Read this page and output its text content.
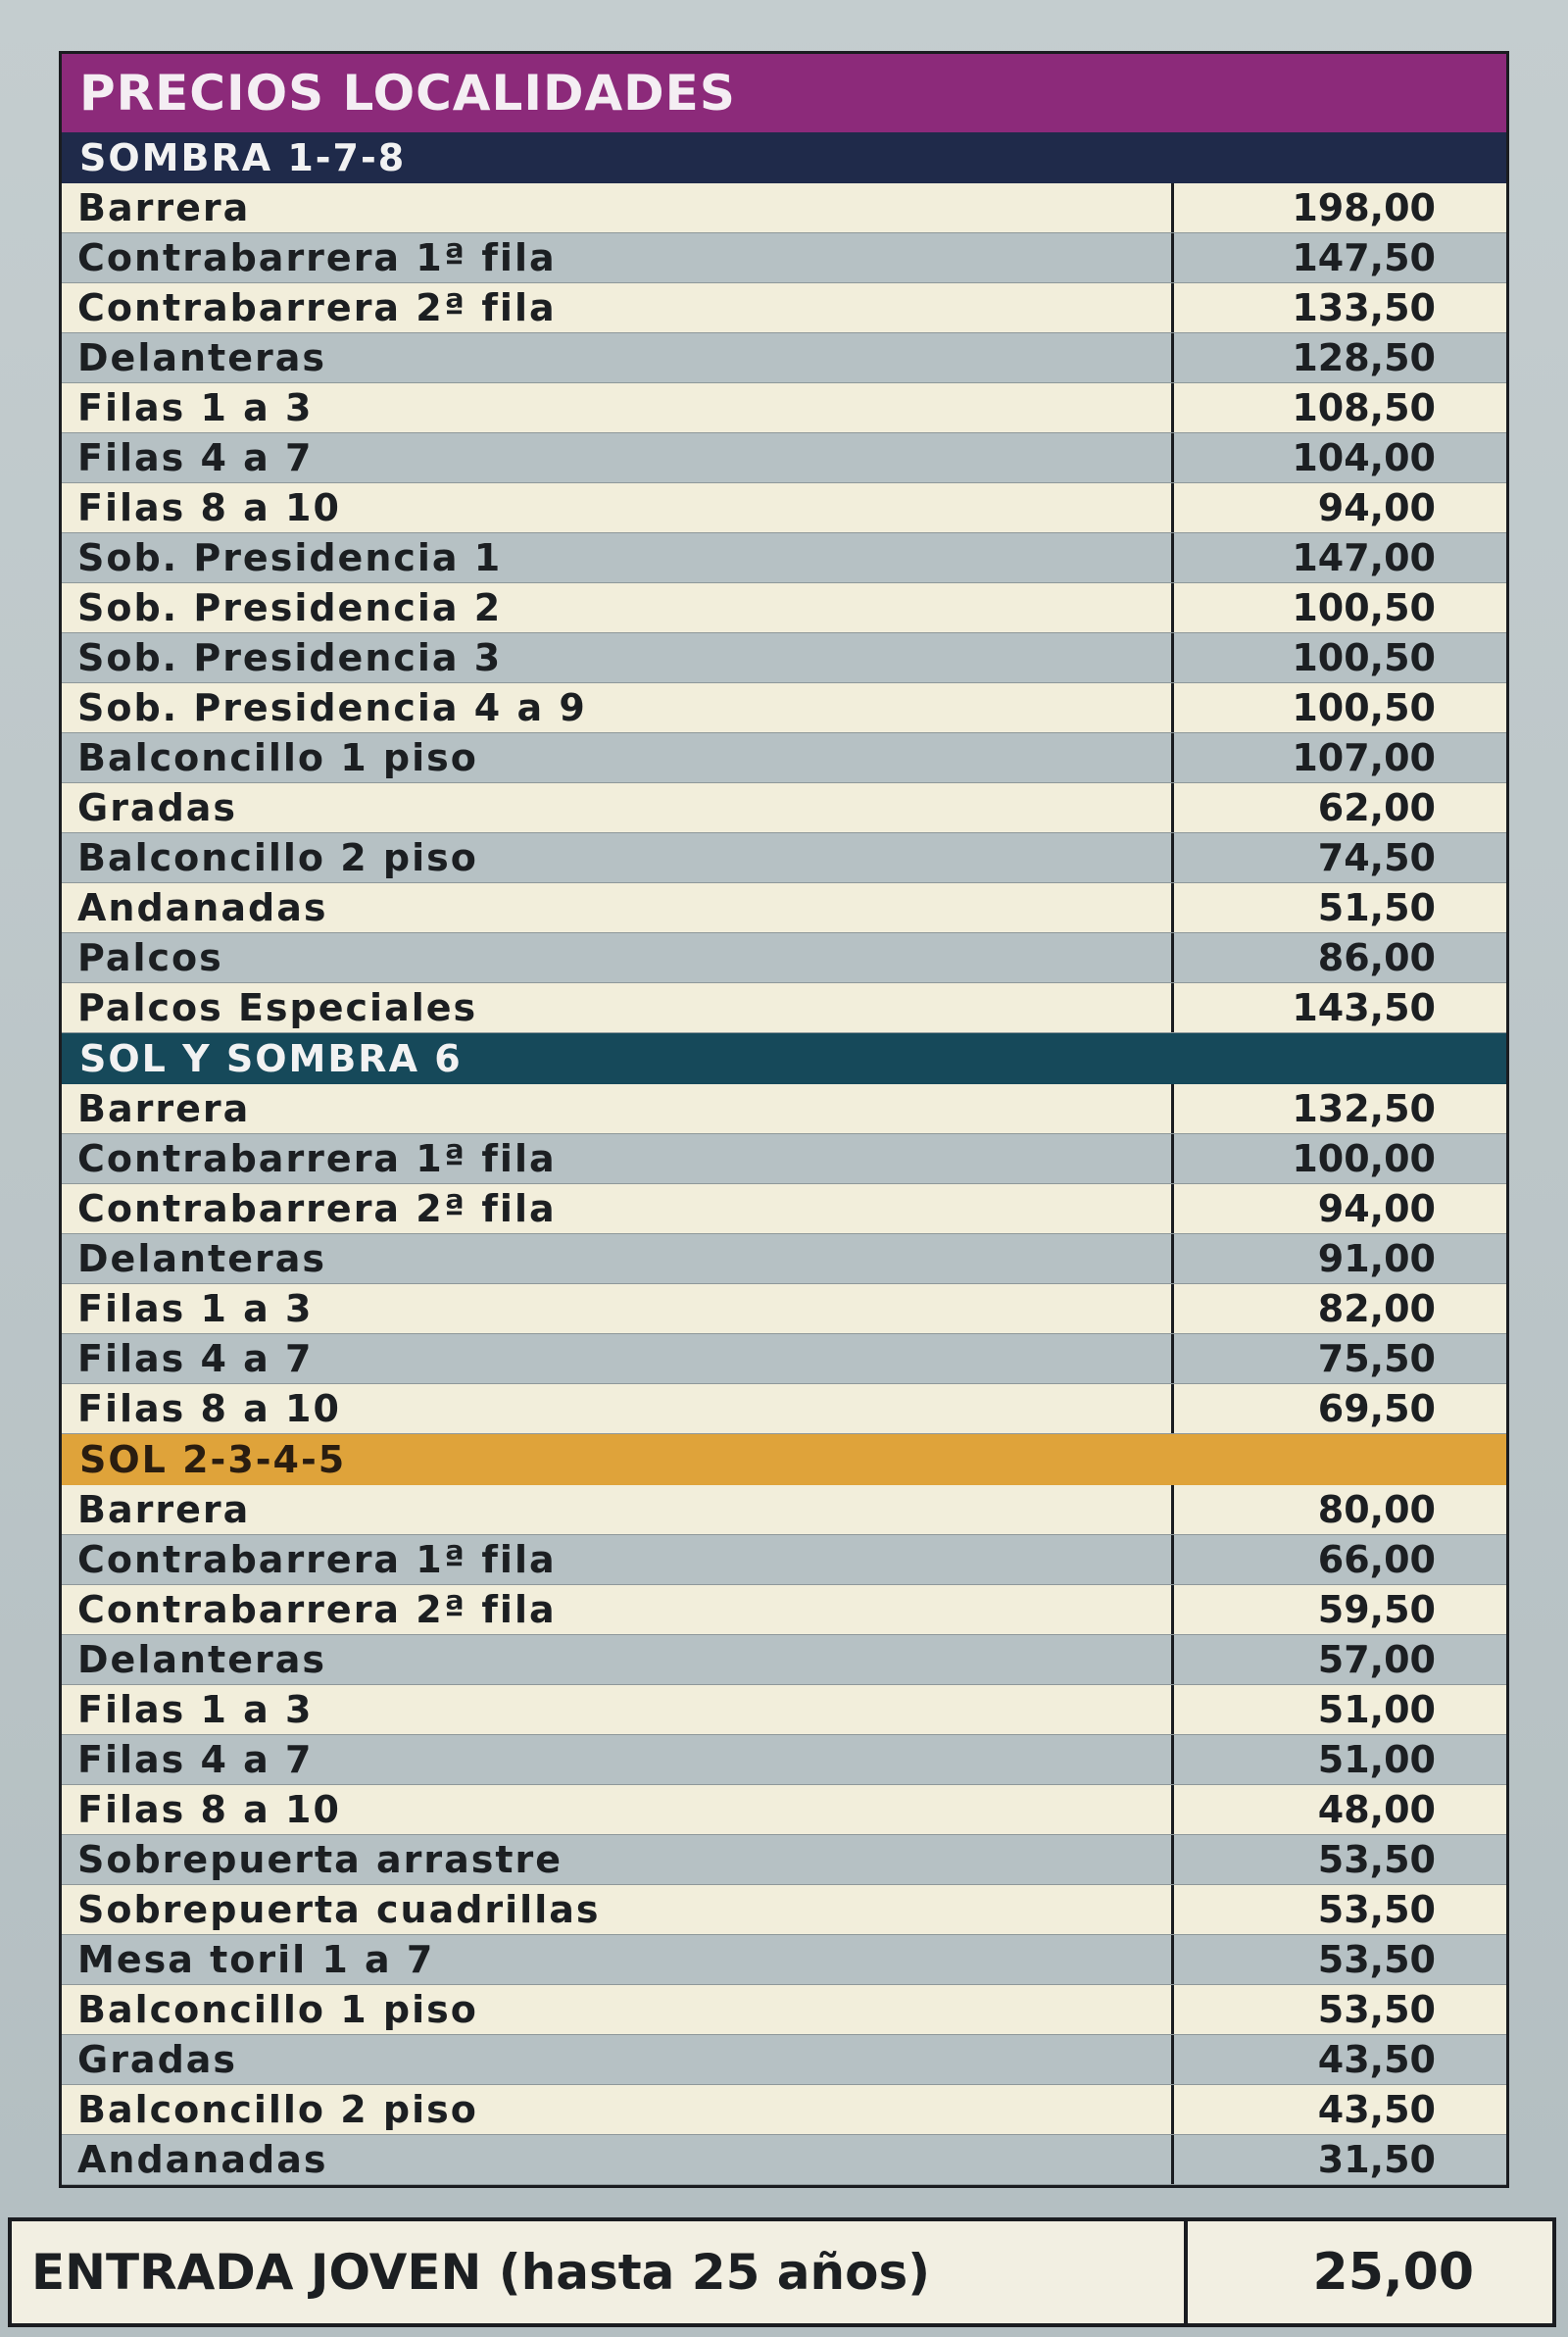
PRECIOS LOCALIDADES
SOMBRA 1-7-8
Barrera	198,00
Contrabarrera 1ª fila	147,50
Contrabarrera 2ª fila	133,50
Delanteras	128,50
Filas 1 a 3	108,50
Filas 4 a 7	104,00
Filas 8 a 10	94,00
Sob. Presidencia 1	147,00
Sob. Presidencia 2	100,50
Sob. Presidencia 3	100,50
Sob. Presidencia 4 a 9	100,50
Balconcillo 1 piso	107,00
Gradas	62,00
Balconcillo 2 piso	74,50
Andanadas	51,50
Palcos	86,00
Palcos Especiales	143,50
SOL Y SOMBRA 6
Barrera	132,50
Contrabarrera 1ª fila	100,00
Contrabarrera 2ª fila	94,00
Delanteras	91,00
Filas 1 a 3	82,00
Filas 4 a 7	75,50
Filas 8 a 10	69,50
SOL 2-3-4-5
Barrera	80,00
Contrabarrera 1ª fila	66,00
Contrabarrera 2ª fila	59,50
Delanteras	57,00
Filas 1 a 3	51,00
Filas 4 a 7	51,00
Filas 8 a 10	48,00
Sobrepuerta arrastre	53,50
Sobrepuerta cuadrillas	53,50
Mesa toril 1 a 7	53,50
Balconcillo 1 piso	53,50
Gradas	43,50
Balconcillo 2 piso	43,50
Andanadas	31,50
ENTRADA JOVEN (hasta 25 años)	25,00
